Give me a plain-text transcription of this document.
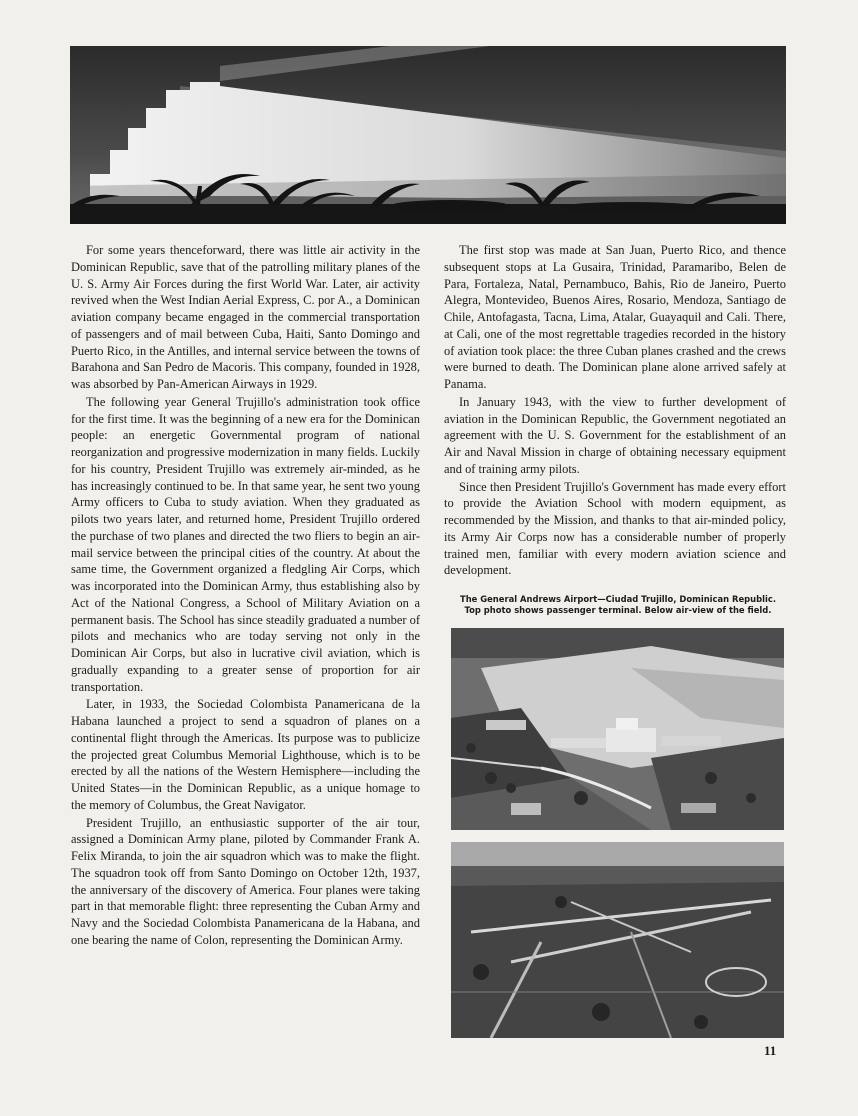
For some years thenceforward, there was little air activity in the Dominican Republic, save that of the patrolling military planes of the U. S. Army Air Forces during the first World War. Later, air activity revived when the West Indian Aerial Express, C. por A., a Dominican aviation company became engaged in the commercial transportation of passengers and of mail between Cuba, Haiti, Santo Domingo and Puerto Rico, in the Antilles, and internal service between the towns of Barahona and San Pedro de Macoris. This company, founded in 1928, was absorbed by Pan-American Airways in 1929.

The following year General Trujillo's administration took office for the first time. It was the beginning of a new era for the Dominican people: an energetic Governmental program of national reorganization and progressive modernization in many fields. Luckily for his country, President Trujillo was extremely air-minded, as he has increasingly continued to be. In that same year, he sent two young Army officers to Cuba to study aviation. When they graduated as pilots two years later, and returned home, President Trujillo ordered the purchase of two planes and directed the two fliers to begin an air-mail service between the principal cities of the country. At about the same time, the Government organized a fledgling Air Corps, which was incorporated into the Dominican Army, thus establishing also by Act of the National Congress, a School of Military Aviation on a permanent basis. The School has since steadily graduated a number of pilots and mechanics who are today serving not only in the Dominican Air Corps, but also in lucrative civil aviation, which is gradually expanding to a greater sense of proportion for air transportation.

Later, in 1933, the Sociedad Colombista Panamericana de la Habana launched a project to send a squadron of planes on a continental flight through the Americas. Its purpose was to publicize the projected great Columbus Memorial Lighthouse, which is to be erected by all the nations of the Western Hemisphere—including the United States—in the Dominican Republic, as a unique homage to the memory of Columbus, the Great Navigator.

President Trujillo, an enthusiastic supporter of the air tour, assigned a Dominican Army plane, piloted by Commander Frank A. Felix Miranda, to join the air squadron which was to make the flight. The squadron took off from Santo Domingo on October 12th, 1937, the anniversary of the discovery of America. Four planes were taking part in that memorable flight: three representing the Cuban Army and Navy and the Sociedad Colombista Panamericana de la Habana, and one bearing the name of Colon, representing the Dominican Army.

The first stop was made at San Juan, Puerto Rico, and thence subsequent stops at La Gusaira, Trinidad, Paramaribo, Belen de Para, Fortaleza, Natal, Pernambuco, Bahis, Rio de Janeiro, Puerto Alegra, Montevideo, Buenos Aires, Rosario, Mendoza, Santiago de Chile, Antofagasta, Tacna, Lima, Atalar, Guayaquil and Cali. There, at Cali, one of the most regrettable tragedies recorded in the history of aviation took place: the three Cuban planes crashed and the crews were burned to death. The Dominican plane alone arrived safely at Panama.

In January 1943, with the view to further development of aviation in the Dominican Republic, the Government negotiated an agreement with the U. S. Government for the establishment of an Air and Naval Mission in charge of obtaining necessary equipment and of training army pilots.

Since then President Trujillo's Government has made every effort to provide the Aviation School with modern equipment, as recommended by the Mission, and thanks to that air-minded policy, its Army Air Corps now has a considerable number of properly trained men, familiar with every modern aviation science and development.

The General Andrews Airport—Ciudad Trujillo, Dominican Republic.
Top photo shows passenger terminal. Below air-view of the field.
11
